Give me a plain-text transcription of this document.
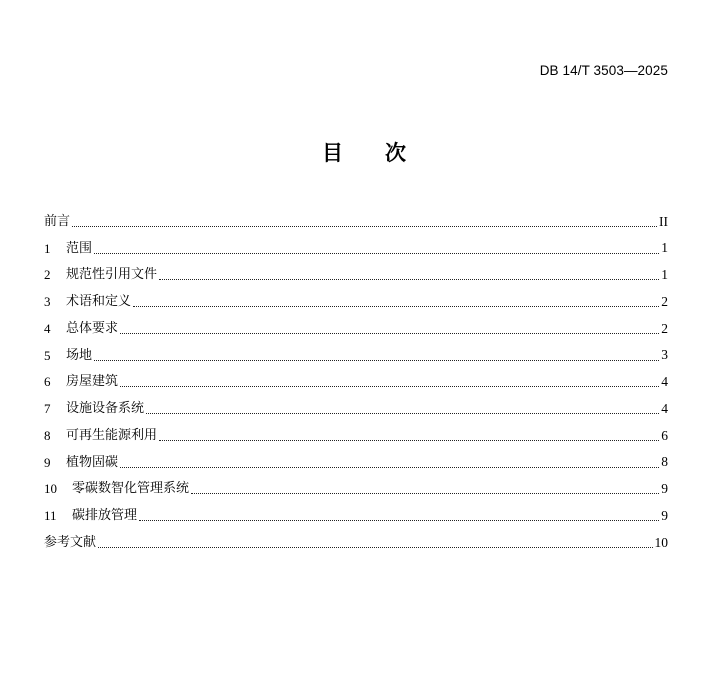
DB 14/T 3503—2025
目 次
前言	II
1	范围	1
2	规范性引用文件	1
3	术语和定义	2
4	总体要求	2
5	场地	3
6	房屋建筑	4
7	设施设备系统	4
8	可再生能源利用	6
9	植物固碳	8
10	零碳数智化管理系统	9
11	碳排放管理	9
参考文献	10
